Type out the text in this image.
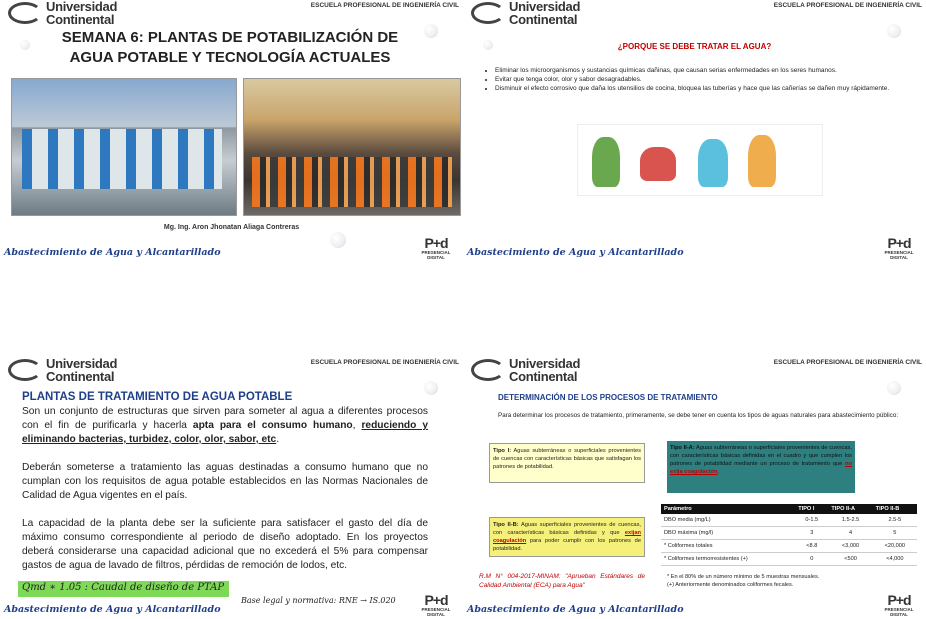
Universidad
Continental
ESCUELA PROFESIONAL DE INGENIERÍA CIVIL
SEMANA 6: PLANTAS DE POTABILIZACIÓN DE
AGUA POTABLE Y TECNOLOGÍA ACTUALES
Mg. Ing. Aron Jhonatan Aliaga Contreras
Abastecimiento de Agua y Alcantarillado
P+d
PRESENCIAL DIGITAL
Universidad
Continental
ESCUELA PROFESIONAL DE INGENIERÍA CIVIL
¿PORQUE SE DEBE TRATAR EL AGUA?
• Eliminar los microorganismos y sustancias químicas dañinas, que causan serias enfermedades en los seres humanos.
• Evitar que tenga color, olor y sabor desagradables.
• Disminuir el efecto corrosivo que daña los utensilios de cocina, bloquea las tuberías y hace que las cañerías se dañen muy rápidamente.
Abastecimiento de Agua y Alcantarillado
P+d
PRESENCIAL DIGITAL
Universidad
Continental
ESCUELA PROFESIONAL DE INGENIERÍA CIVIL
PLANTAS DE TRATAMIENTO DE AGUA POTABLE
Son un conjunto de estructuras que sirven para someter al agua a diferentes procesos con el fin de purificarla y hacerla apta para el consumo humano, reduciendo y eliminando bacterias, turbidez, color, olor, sabor, etc.
Deberán someterse a tratamiento las aguas destinadas a consumo humano que no cumplan con los requisitos de agua potable establecidos en las Normas Nacionales de Calidad de Agua vigentes en el país.
La capacidad de la planta debe ser la suficiente para satisfacer el gasto del día de máximo consumo correspondiente al periodo de diseño adoptado. En los proyectos deberá considerarse una capacidad adicional que no excederá el 5% para compensar gastos de agua de lavado de filtros, pérdidas de remoción de lodos, etc.
Qmd ∗ 1.05 : Caudal de diseño de PTAP
Base legal y normativa: RNE → IS.020
Abastecimiento de Agua y Alcantarillado
P+d
PRESENCIAL DIGITAL
Universidad
Continental
ESCUELA PROFESIONAL DE INGENIERÍA CIVIL
DETERMINACIÓN DE LOS PROCESOS DE TRATAMIENTO
Para determinar los procesos de tratamiento, primeramente, se debe tener en cuenta los tipos de aguas naturales para abastecimiento público:
Tipo I: Aguas subterráneas o superficiales provenientes de cuencas con características básicas que satisfagan los patrones de potabilidad.
Tipo II-A: Aguas subterráneas o superficiales provenientes de cuencas, con características básicas definidas en el cuadro y que cumplen los patrones de potabilidad mediante un proceso de tratamiento que no exija coagulación.
Tipo II-B: Aguas superficiales provenientes de cuencas, con características básicas definidas y que exijan coagulación para poder cumplir con los patrones de potabilidad.
R.M N° 004-2017-MINAM: "Aprueban Estándares de Calidad Ambiental (ECA) para Agua"
Parámetro	TIPO I	TIPO II-A	TIPO II-B
DBO media (mg/L)	0-1.5	1.5-2.5	2.5-5
DBO máxima (mg/l)	3	4	5
* Coliformes totales	<8.8	<3,000	<20,000
* Coliformes termorresistentes (+)	0	<500	<4,000
* En el 80% de un número mínimo de 5 muestras mensuales.
(+) Anteriormente denominados coliformes fecales.
Abastecimiento de Agua y Alcantarillado
P+d
PRESENCIAL DIGITAL
